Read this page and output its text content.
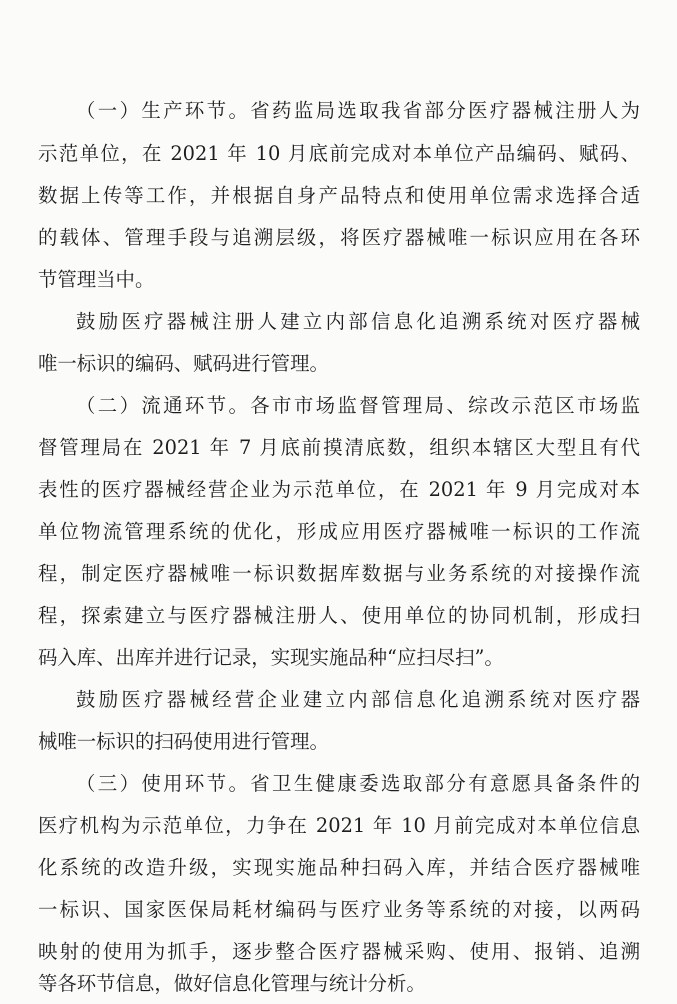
（一）生产环节。省药监局选取我省部分医疗器械注册人为
示范单位，在 2021 年 10 月底前完成对本单位产品编码、赋码、
数据上传等工作，并根据自身产品特点和使用单位需求选择合适
的载体、管理手段与追溯层级，将医疗器械唯一标识应用在各环
节管理当中。
鼓励医疗器械注册人建立内部信息化追溯系统对医疗器械
唯一标识的编码、赋码进行管理。
（二）流通环节。各市市场监督管理局、综改示范区市场监
督管理局在 2021 年 7 月底前摸清底数，组织本辖区大型且有代
表性的医疗器械经营企业为示范单位，在 2021 年 9 月完成对本
单位物流管理系统的优化，形成应用医疗器械唯一标识的工作流
程，制定医疗器械唯一标识数据库数据与业务系统的对接操作流
程，探索建立与医疗器械注册人、使用单位的协同机制，形成扫
码入库、出库并进行记录，实现实施品种“应扫尽扫”。
鼓励医疗器械经营企业建立内部信息化追溯系统对医疗器
械唯一标识的扫码使用进行管理。
（三）使用环节。省卫生健康委选取部分有意愿具备条件的
医疗机构为示范单位，力争在 2021 年 10 月前完成对本单位信息
化系统的改造升级，实现实施品种扫码入库，并结合医疗器械唯
一标识、国家医保局耗材编码与医疗业务等系统的对接，以两码
映射的使用为抓手，逐步整合医疗器械采购、使用、报销、追溯
等各环节信息，做好信息化管理与统计分析。
